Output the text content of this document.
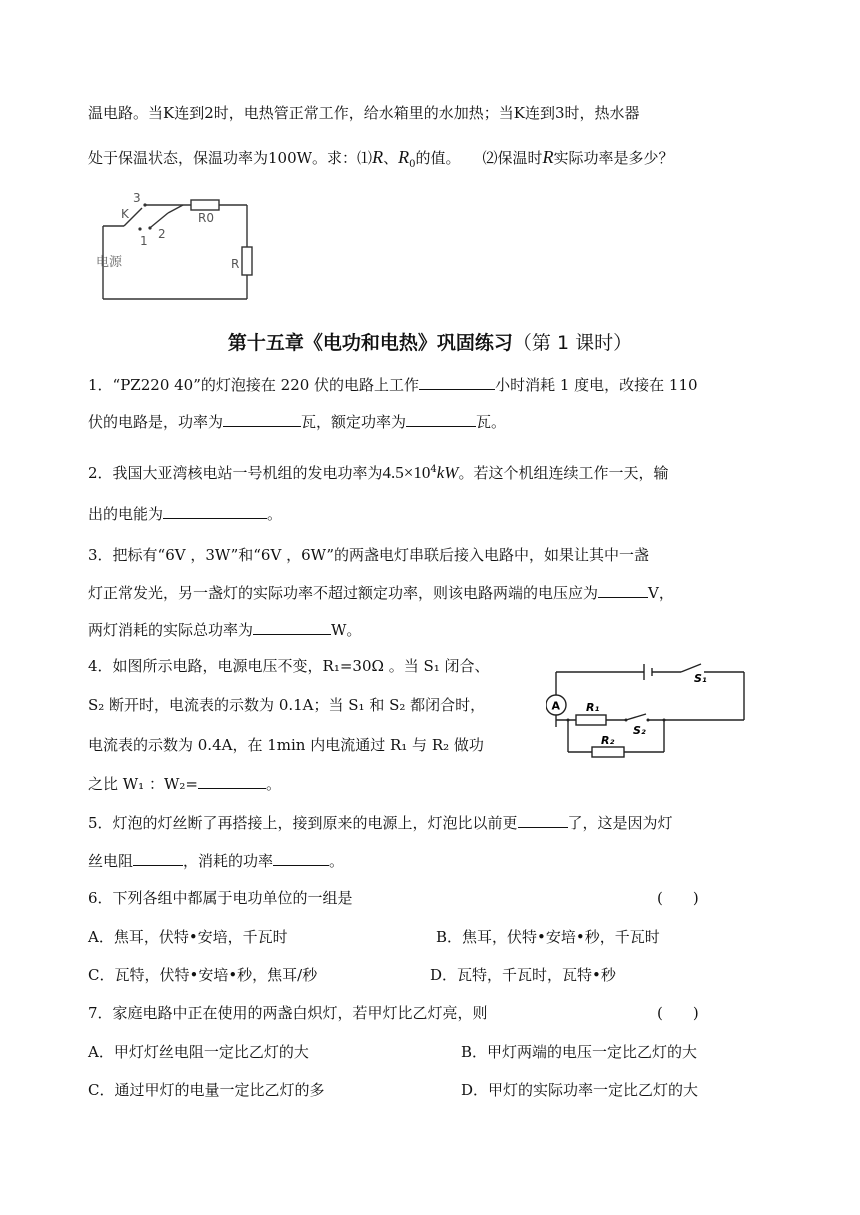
温电路。当K连到2时，电热管正常工作，给水箱里的水加热；当K连到3时，热水器
处于保温状态，保温功率为100W。求：⑴R、$R_0$的值。 ⑵保温时R实际功率是多少？
3
K
1 2
R0
电源	R
第十五章《电功和电热》巩固练习（第 1 课时）
1．“PZ220 40”的灯泡接在 220 伏的电路上工作	小时消耗 1 度电，改接在 110
伏的电路是，功率为	瓦，额定功率为	瓦。
2．我国大亚湾核电站一号机组的发电功率为$4.5\times 10^4kW$。若这个机组连续工作一天，输
出的电能为	。
3．把标有“6V ，3W”和“6V ，6W”的两盏电灯串联后接入电路中，如果让其中一盏
灯正常发光，另一盏灯的实际功率不超过额定功率，则该电路两端的电压应为	V，
两灯消耗的实际总功率为	W。
4．如图所示电路，电源电压不变，R₁=30Ω 。当 S₁ 闭合、
S₂ 断开时，电流表的示数为 0.1A；当 S₁ 和 S₂ 都闭合时，
电流表的示数为 0.4A，在 1min 内电流通过 R₁ 与 R₂ 做功
之比 W₁ ：W₂=	。
A
S₁
R₁
S₂
R₂
5．灯泡的灯丝断了再搭接上，接到原来的电源上，灯泡比以前更	了，这是因为灯
丝电阻	，消耗的功率	。
6．下列各组中都属于电功单位的一组是	(　　)
A．焦耳，伏特•安培，千瓦时	B．焦耳，伏特•安培•秒，千瓦时
C．瓦特，伏特•安培•秒，焦耳/秒	D．瓦特，千瓦时，瓦特•秒
7．家庭电路中正在使用的两盏白炽灯，若甲灯比乙灯亮，则	(　　)
A．甲灯灯丝电阻一定比乙灯的大	B．甲灯两端的电压一定比乙灯的大
C．通过甲灯的电量一定比乙灯的多	D．甲灯的实际功率一定比乙灯的大
